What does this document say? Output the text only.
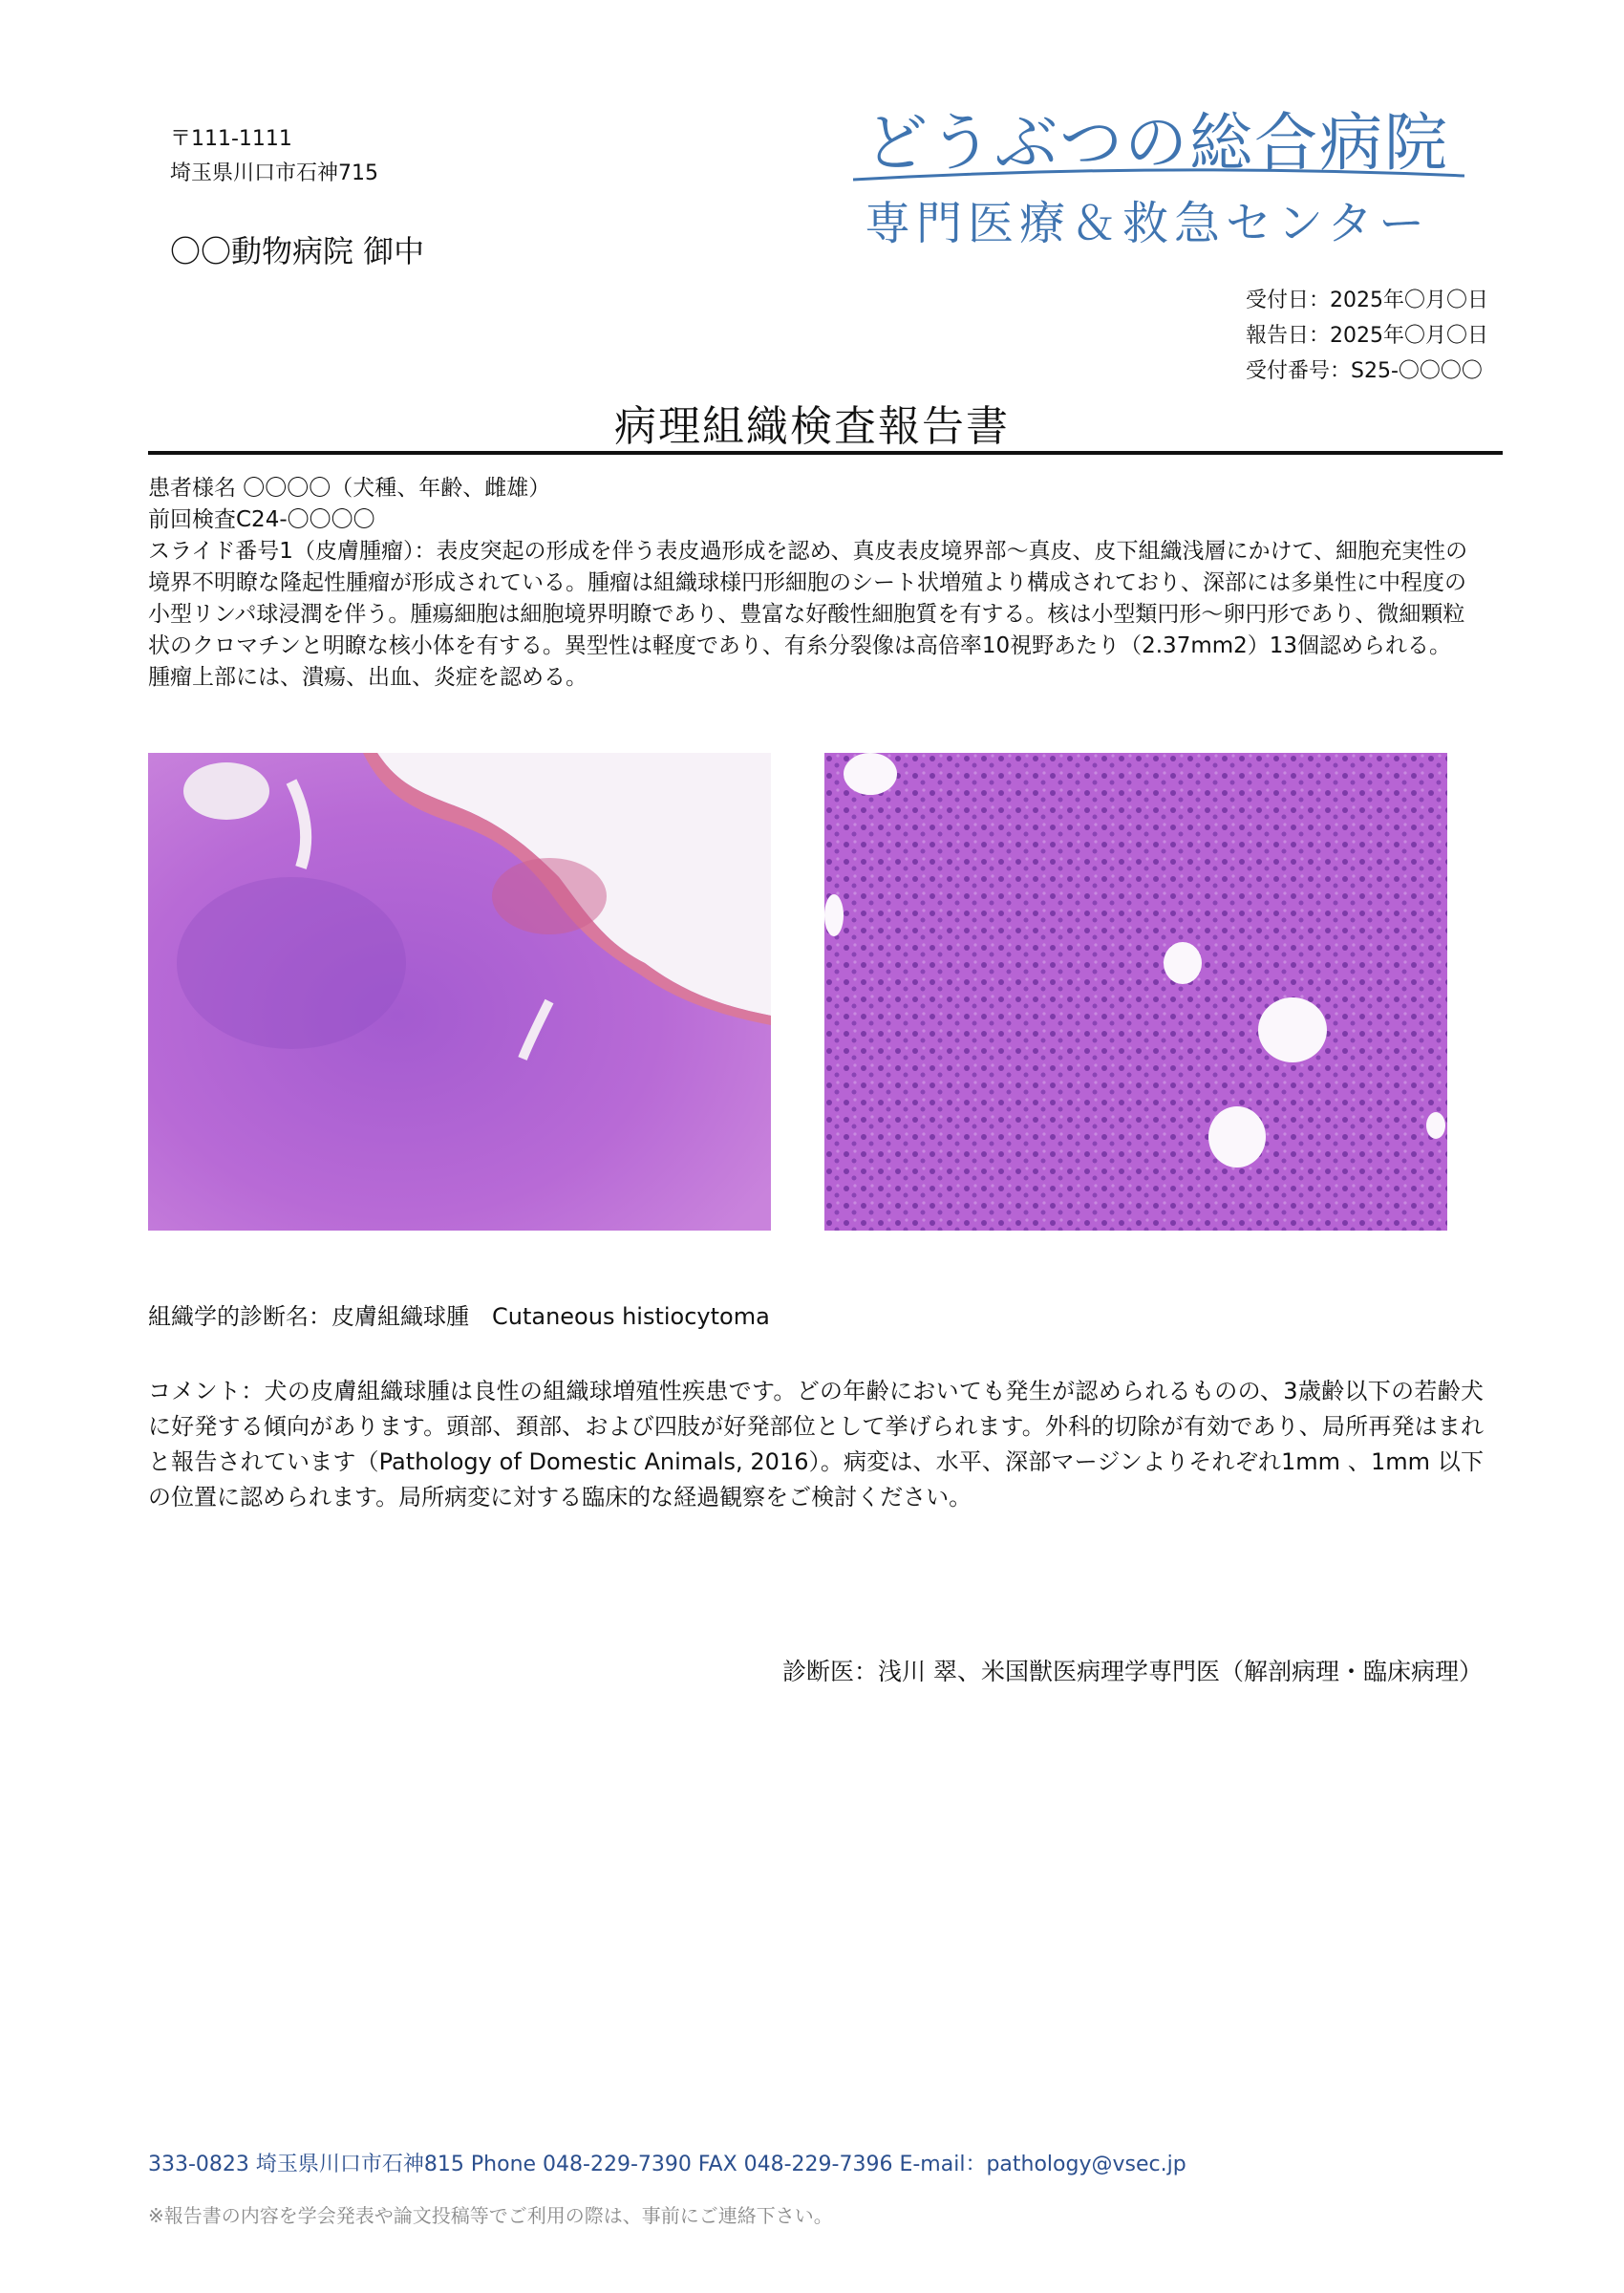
〒111-1111
埼玉県川口市石神715
〇〇動物病院 御中
どうぶつの総合病院
専門医療＆救急センター
受付日：2025年〇月〇日
報告日：2025年〇月〇日
受付番号：S25-〇〇〇〇
病理組織検査報告書

患者様名 〇〇〇〇（犬種、年齢、雌雄）

前回検査C24-〇〇〇〇

スライド番号1（皮膚腫瘤）：表皮突起の形成を伴う表皮過形成を認め、真皮表皮境界部〜真皮、皮下組織浅層にかけて、細胞充実性の境界不明瞭な隆起性腫瘤が形成されている。腫瘤は組織球様円形細胞のシート状増殖より構成されており、深部には多巣性に中程度の小型リンパ球浸潤を伴う。腫瘍細胞は細胞境界明瞭であり、豊富な好酸性細胞質を有する。核は小型類円形〜卵円形であり、微細顆粒状のクロマチンと明瞭な核小体を有する。異型性は軽度であり、有糸分裂像は高倍率10視野あたり（2.37mm2）13個認められる。腫瘤上部には、潰瘍、出血、炎症を認める。

組織学的診断名：皮膚組織球腫　Cutaneous histiocytoma

コメント：犬の皮膚組織球腫は良性の組織球増殖性疾患です。どの年齢においても発生が認められるものの、3歳齢以下の若齢犬に好発する傾向があります。頭部、頚部、および四肢が好発部位として挙げられます。外科的切除が有効であり、局所再発はまれと報告されています（Pathology of Domestic Animals, 2016）。病変は、水平、深部マージンよりそれぞれ1mm 、1mm 以下の位置に認められます。局所病変に対する臨床的な経過観察をご検討ください。

診断医：浅川 翠、米国獣医病理学専門医（解剖病理・臨床病理）
333-0823 埼玉県川口市石神815 Phone 048-229-7390 FAX 048-229-7396 E-mail：pathology@vsec.jp
※報告書の内容を学会発表や論文投稿等でご利用の際は、事前にご連絡下さい。
